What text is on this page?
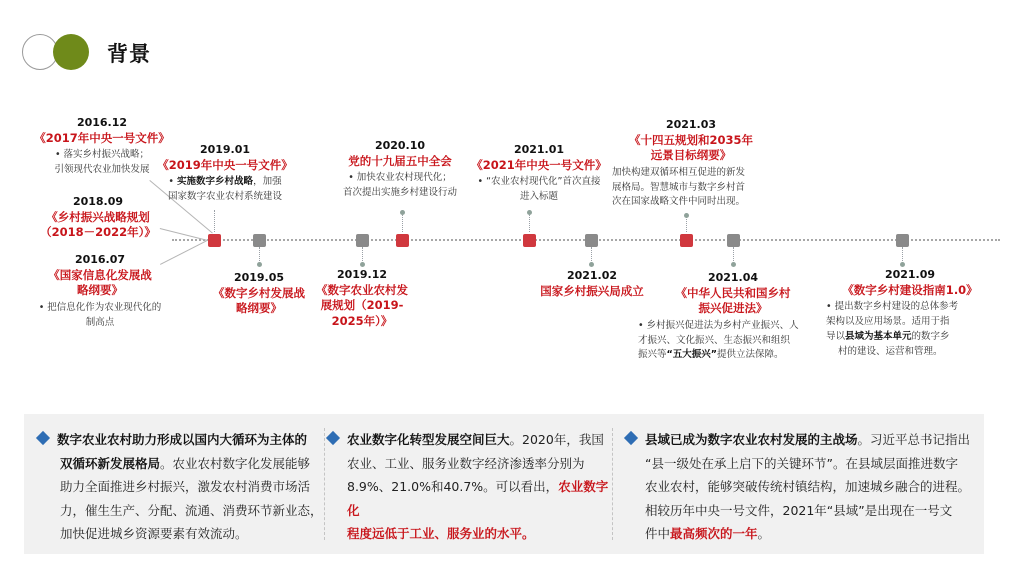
背景
2016.12
《2017年中央一号文件》
• 落实乡村振兴战略；
引领现代农业加快发展
2018.09
《乡村振兴战略规划
（2018－2022年）》
2016.07
《国家信息化发展战
略纲要》
• 把信息化作为农业现代化的
制高点
2019.01
《2019年中央一号文件》
• 实施数字乡村战略，加强
国家数字农业农村系统建设
2019.05
《数字乡村发展战
略纲要》
2019.12
《数字农业农村发
展规划（2019-
2025年）》
2020.10
党的十九届五中全会
• 加快农业农村现代化；
首次提出实施乡村建设行动
2021.01
《2021年中央一号文件》
• “农业农村现代化”首次直接
进入标题
2021.02
国家乡村振兴局成立
2021.03
《十四五规划和2035年
远景目标纲要》
加快构建双循环相互促进的新发
展格局。智慧城市与数字乡村首
次在国家战略文件中同时出现。
2021.04
《中华人民共和国乡村
振兴促进法》
• 乡村振兴促进法为乡村产业振兴、人
才振兴、文化振兴、生态振兴和组织
振兴等“五大振兴”提供立法保障。
2021.09
《数字乡村建设指南1.0》
• 提出数字乡村建设的总体参考
架构以及应用场景。适用于指
导以县域为基本单元的数字乡
村的建设、运营和管理。
数字农业农村助力形成以国内大循环为主体的
双循环新发展格局。农业农村数字化发展能够
助力全面推进乡村振兴，激发农村消费市场活
力，催生生产、分配、流通、消费环节新业态，
加快促进城乡资源要素有效流动。
农业数字化转型发展空间巨大。2020年，我国
农业、工业、服务业数字经济渗透率分别为
8.9%、21.0%和40.7%。可以看出，农业数字化
程度远低于工业、服务业的水平。
县域已成为数字农业农村发展的主战场。习近平总书记指出
“县一级处在承上启下的关键环节”。在县域层面推进数字
农业农村，能够突破传统村镇结构，加速城乡融合的进程。
相较历年中央一号文件，2021年“县域”是出现在一号文
件中最高频次的一年。
